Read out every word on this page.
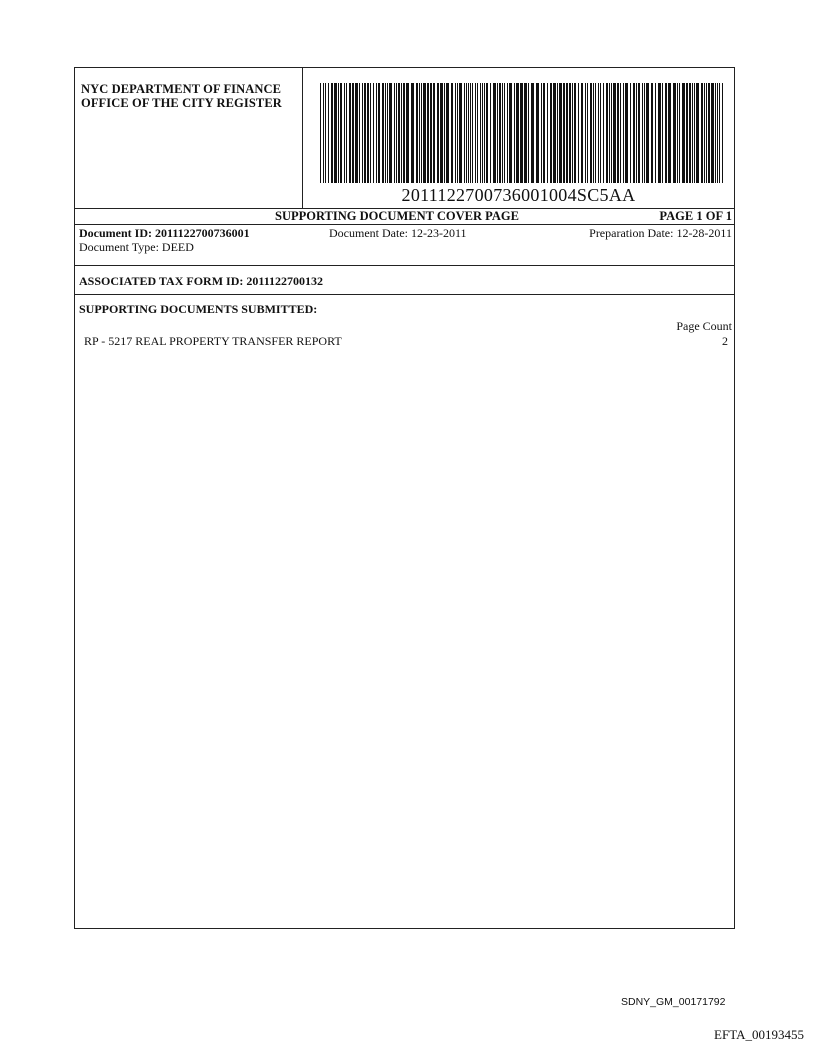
NYC DEPARTMENT OF FINANCE
OFFICE OF THE CITY REGISTER
2011122700736001004SC5AA
SUPPORTING DOCUMENT COVER PAGE	PAGE 1 OF 1
Document ID: 2011122700736001	Document Date: 12-23-2011	Preparation Date: 12-28-2011
Document Type: DEED
ASSOCIATED TAX FORM ID: 2011122700132
SUPPORTING DOCUMENTS SUBMITTED:
Page Count
RP - 5217 REAL PROPERTY TRANSFER REPORT	2
SDNY_GM_00171792
EFTA_00193455
